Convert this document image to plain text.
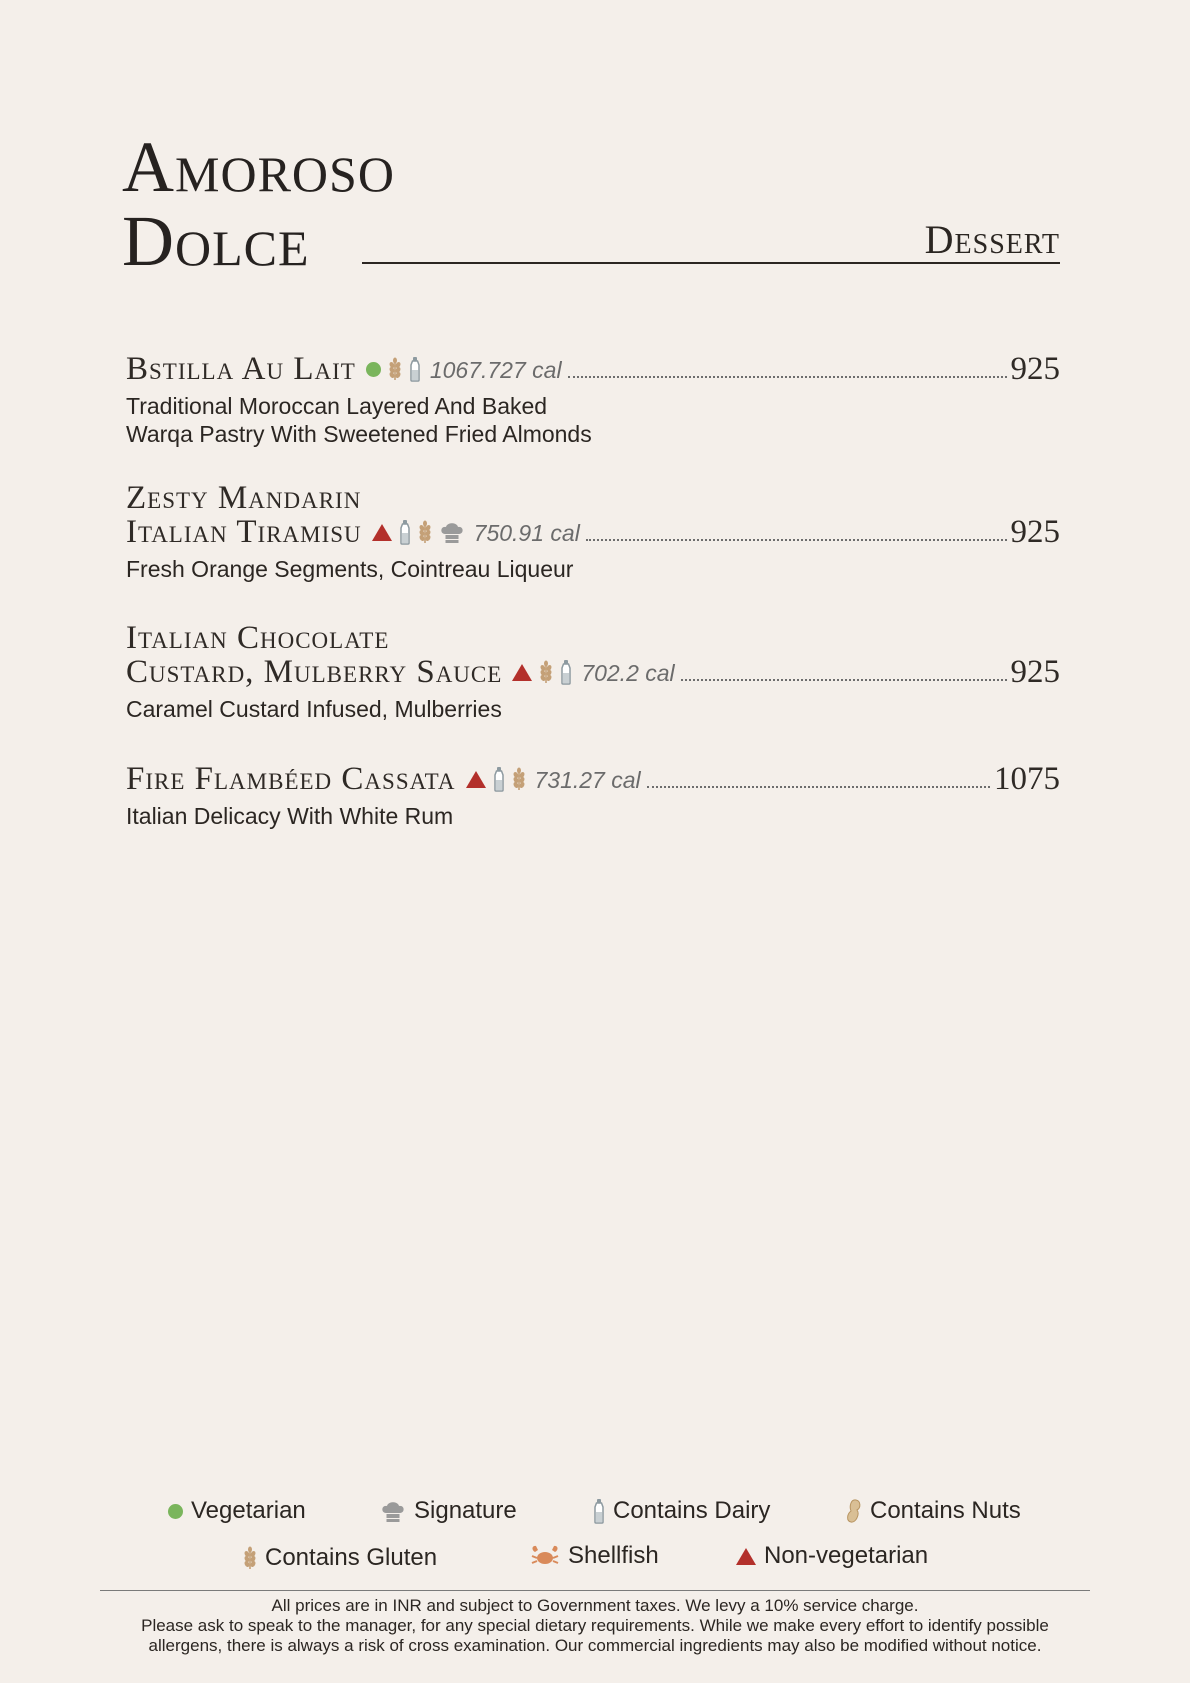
Amoroso
Dolce	Dessert
Bstilla Au Lait	1067.727 cal	925
Traditional Moroccan Layered And Baked
Warqa Pastry With Sweetened Fried Almonds
Zesty Mandarin
Italian Tiramisu	750.91 cal	925
Fresh Orange Segments, Cointreau Liqueur
Italian Chocolate
Custard, Mulberry Sauce	702.2 cal	925
Caramel Custard Infused, Mulberries
Fire Flambéed Cassata	731.27 cal	1075
Italian Delicacy With White Rum
Vegetarian	Signature	Contains Dairy	Contains Nuts
Contains Gluten	Shellfish	Non-vegetarian
All prices are in INR and subject to Government taxes. We levy a 10% service charge.
Please ask to speak to the manager, for any special dietary requirements. While we make every effort to identify possible
allergens, there is always a risk of cross examination. Our commercial ingredients may also be modified without notice.
